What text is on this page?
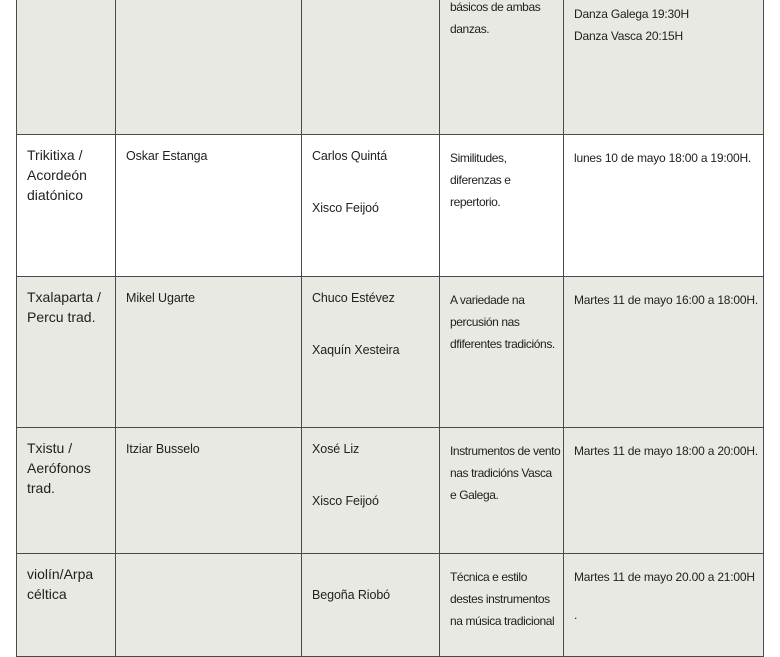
			básicos de ambas
danzas.	Danza Galega 19:30H
Danza Vasca 20:15H

Trikitixa / Acordeón diatónico	Oskar Estanga	Carlos Quintá
Xisco Feijoó	Similitudes,
diferenzas e
repertorio.	lunes 10 de mayo 18:00 a 19:00H.

Txalaparta / Percu trad.	Mikel Ugarte	Chuco Estévez
Xaquín Xesteira	A variedade na
percusión nas
dfiferentes tradicións.	Martes 11 de mayo 16:00 a 18:00H.

Txistu / Aerófonos trad.	Itziar Busselo	Xosé Liz
Xisco Feijoó	Instrumentos de vento
nas tradicións Vasca
e Galega.	Martes 11 de mayo 18:00 a 20:00H.

violín/Arpa céltica		Begoña Riobó	Técnica e estilo
destes instrumentos
na música tradicional	Martes 11 de mayo 20.00 a 21:00H
.
